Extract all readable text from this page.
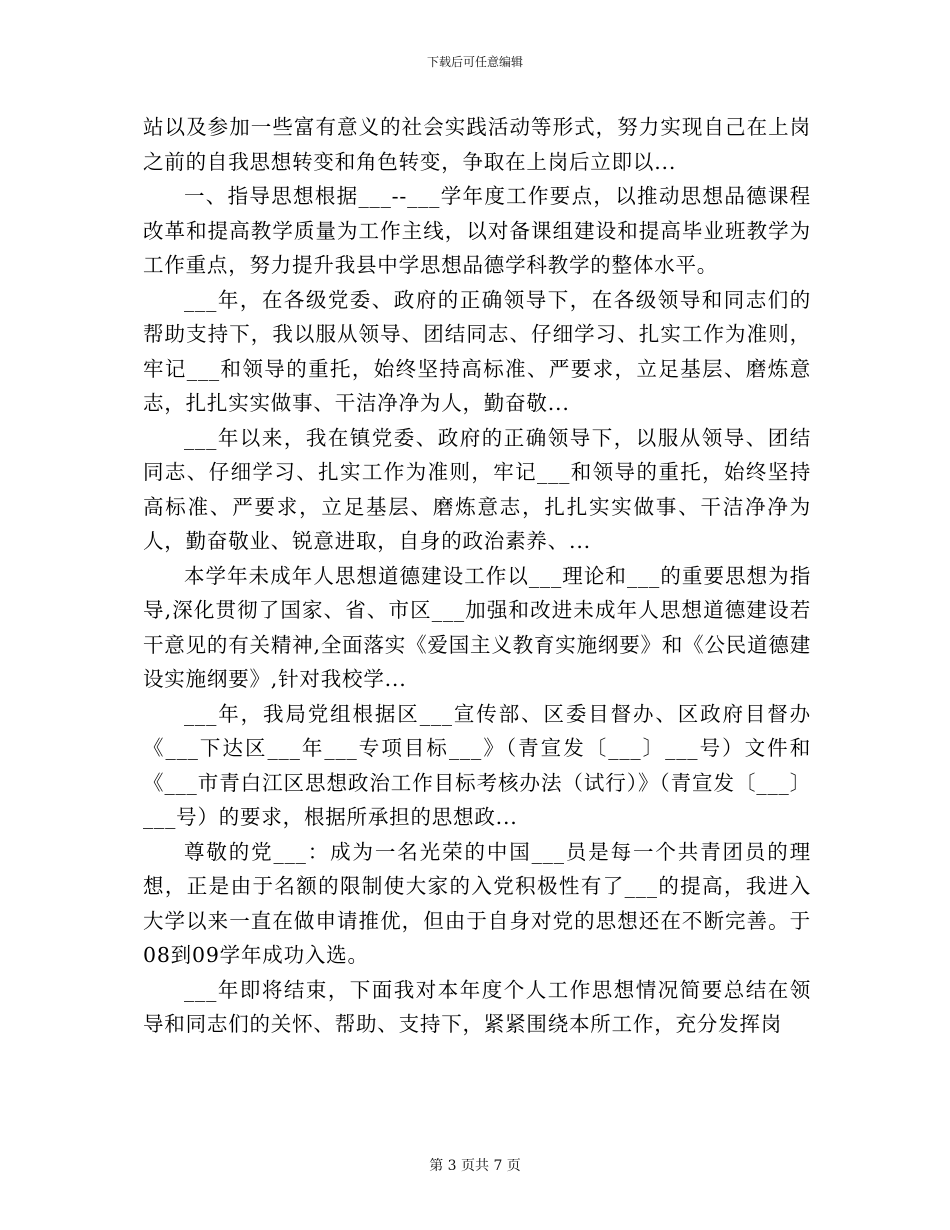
下载后可任意编辑

站以及参加一些富有意义的社会实践活动等形式，努力实现自己在上岗之前的自我思想转变和角色转变，争取在上岗后立即以...

一、指导思想根据___--___学年度工作要点，以推动思想品德课程改革和提高教学质量为工作主线，以对备课组建设和提高毕业班教学为工作重点，努力提升我县中学思想品德学科教学的整体水平。

___年，在各级党委、政府的正确领导下，在各级领导和同志们的帮助支持下，我以服从领导、团结同志、仔细学习、扎实工作为准则，牢记___和领导的重托，始终坚持高标准、严要求，立足基层、磨炼意志，扎扎实实做事、干洁净净为人，勤奋敬...

___年以来，我在镇党委、政府的正确领导下，以服从领导、团结同志、仔细学习、扎实工作为准则，牢记___和领导的重托，始终坚持高标准、严要求，立足基层、磨炼意志，扎扎实实做事、干洁净净为人，勤奋敬业、锐意进取，自身的政治素养、...

本学年未成年人思想道德建设工作以___理论和___的重要思想为指导,深化贯彻了国家、省、市区___加强和改进未成年人思想道德建设若干意见的有关精神,全面落实《爱国主义教育实施纲要》和《公民道德建设实施纲要》,针对我校学...

___年，我局党组根据区___宣传部、区委目督办、区政府目督办《___下达区___年___专项目标___》（青宣发〔___〕___号）文件和《___市青白江区思想政治工作目标考核办法（试行）》（青宣发〔___〕___号）的要求，根据所承担的思想政...

尊敬的党___：成为一名光荣的中国___员是每一个共青团员的理想，正是由于名额的限制使大家的入党积极性有了___的提高，我进入大学以来一直在做申请推优，但由于自身对党的思想还在不断完善。于08到09学年成功入选。

___年即将结束，下面我对本年度个人工作思想情况简要总结在领导和同志们的关怀、帮助、支持下，紧紧围绕本所工作，充分发挥岗

第 3 页共 7 页
